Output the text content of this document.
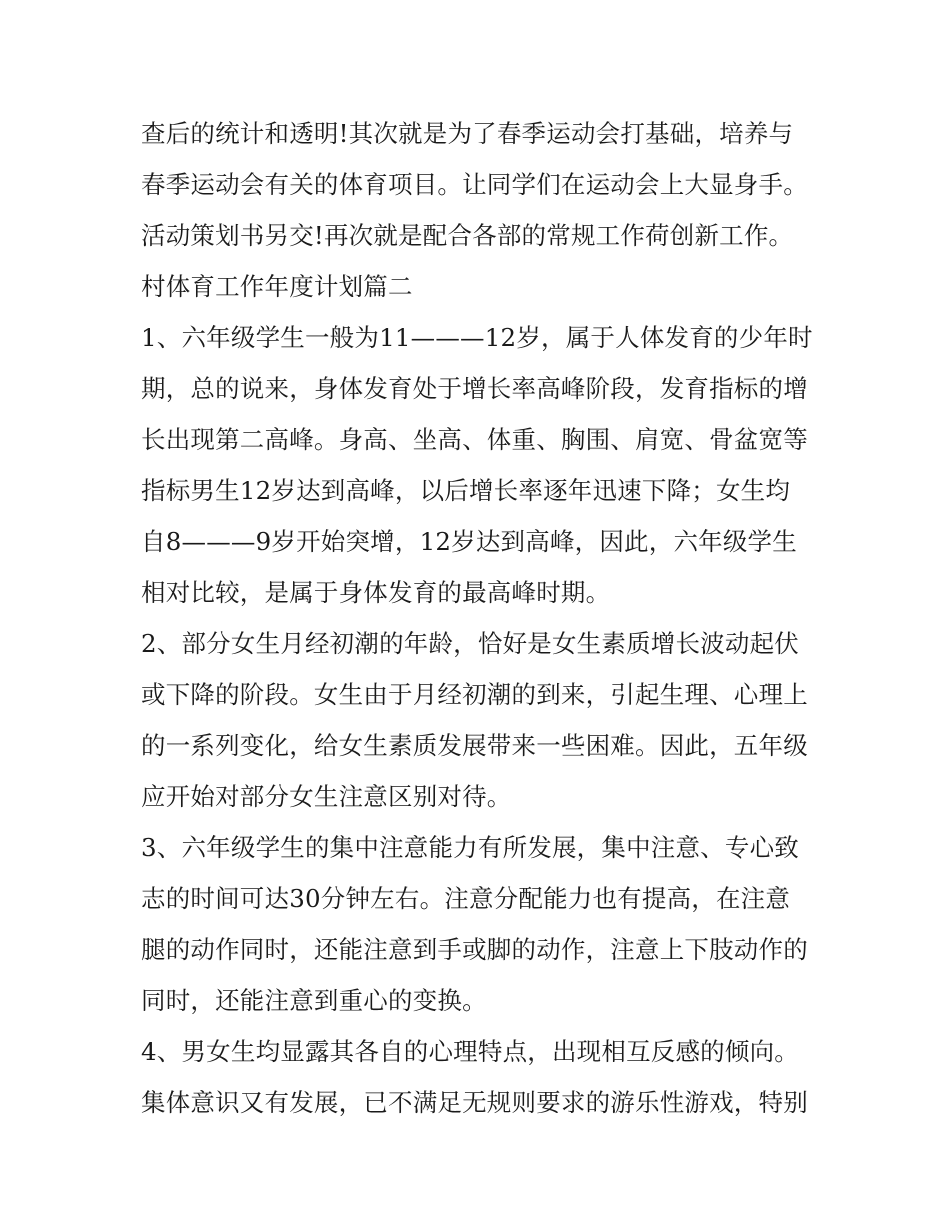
查后的统计和透明!其次就是为了春季运动会打基础，培养与
春季运动会有关的体育项目。让同学们在运动会上大显身手。
活动策划书另交!再次就是配合各部的常规工作荷创新工作。
村体育工作年度计划篇二
1、六年级学生一般为11———12岁，属于人体发育的少年时
期，总的说来，身体发育处于增长率高峰阶段，发育指标的增
长出现第二高峰。身高、坐高、体重、胸围、肩宽、骨盆宽等
指标男生12岁达到高峰，以后增长率逐年迅速下降；女生均
自8———9岁开始突增，12岁达到高峰，因此，六年级学生
相对比较，是属于身体发育的最高峰时期。
2、部分女生月经初潮的年龄，恰好是女生素质增长波动起伏
或下降的阶段。女生由于月经初潮的到来，引起生理、心理上
的一系列变化，给女生素质发展带来一些困难。因此，五年级
应开始对部分女生注意区别对待。
3、六年级学生的集中注意能力有所发展，集中注意、专心致
志的时间可达30分钟左右。注意分配能力也有提高，在注意
腿的动作同时，还能注意到手或脚的动作，注意上下肢动作的
同时，还能注意到重心的变换。
4、男女生均显露其各自的心理特点，出现相互反感的倾向。
集体意识又有发展，已不满足无规则要求的游乐性游戏，特别
